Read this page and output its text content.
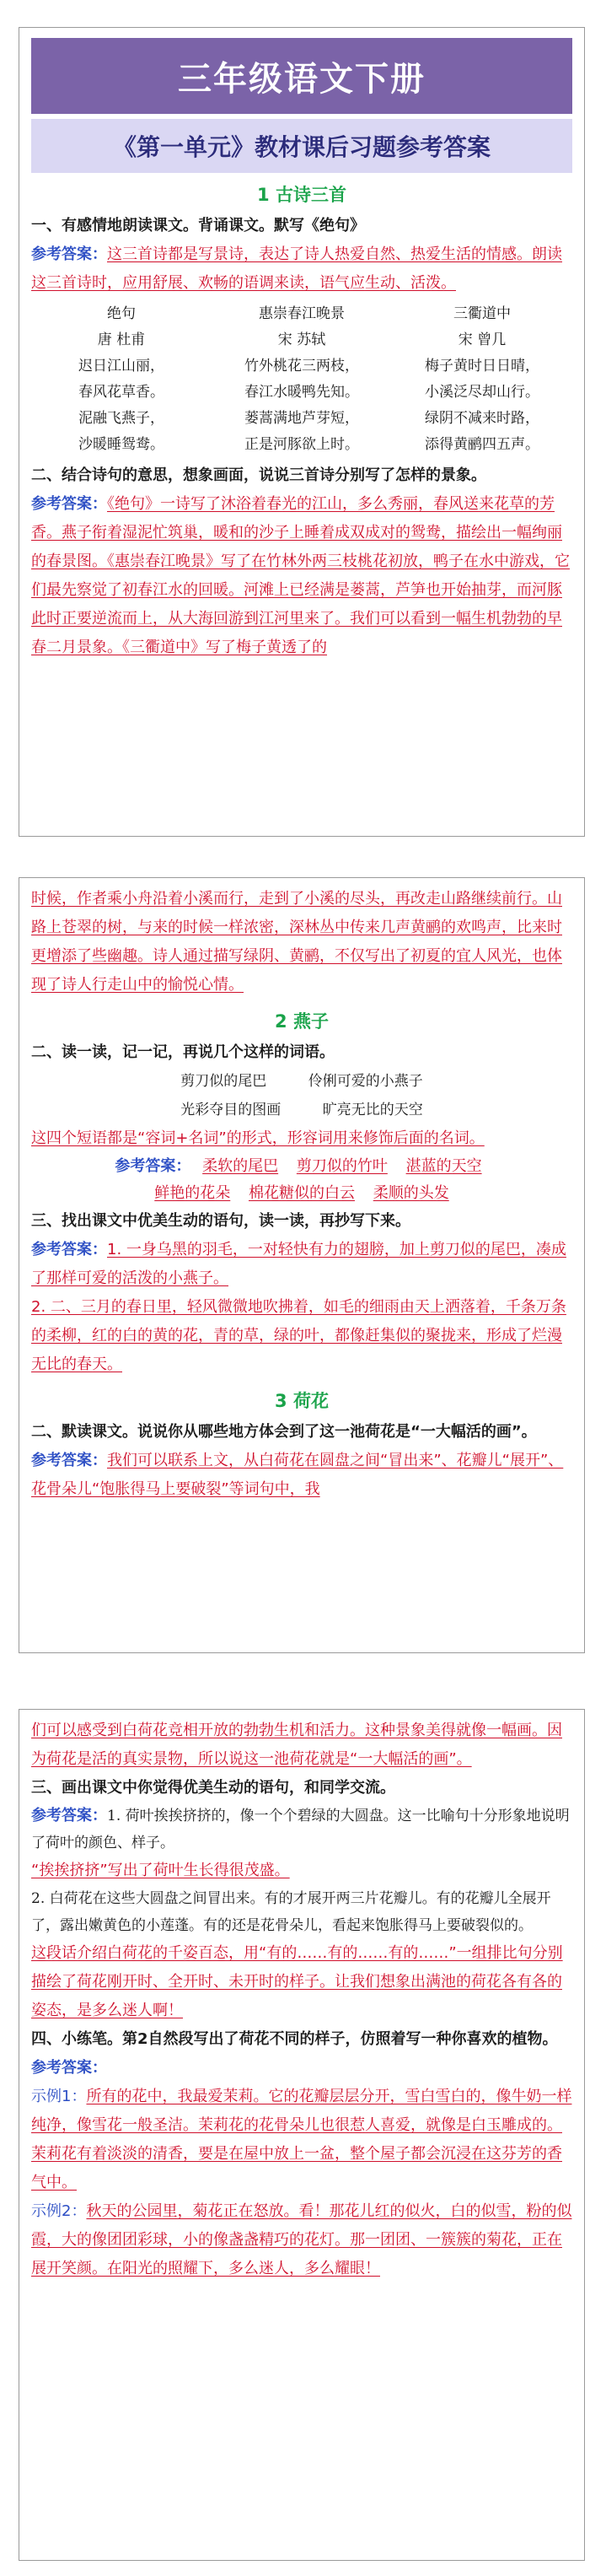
三年级语文下册
《第一单元》教材课后习题参考答案
1 古诗三首
一、有感情地朗读课文。背诵课文。默写《绝句》
参考答案：这三首诗都是写景诗，表达了诗人热爱自然、热爱生活的情感。朗读这三首诗时，应用舒展、欢畅的语调来读，语气应生动、活泼。
绝句	惠崇春江晚景	三衢道中
唐 杜甫	宋 苏轼	宋 曾几
迟日江山丽，	竹外桃花三两枝，	梅子黄时日日晴，
春风花草香。	春江水暖鸭先知。	小溪泛尽却山行。
泥融飞燕子，	蒌蒿满地芦芽短，	绿阴不减来时路，
沙暖睡鸳鸯。	正是河豚欲上时。	添得黄鹂四五声。
二、结合诗句的意思，想象画面，说说三首诗分别写了怎样的景象。
参考答案：《绝句》一诗写了沐浴着春光的江山，多么秀丽，春风送来花草的芳香。燕子衔着湿泥忙筑巢，暖和的沙子上睡着成双成对的鸳鸯，描绘出一幅绚丽的春景图。《惠崇春江晚景》写了在竹林外两三枝桃花初放，鸭子在水中游戏，它们最先察觉了初春江水的回暖。河滩上已经满是蒌蒿，芦笋也开始抽芽，而河豚此时正要逆流而上，从大海回游到江河里来了。我们可以看到一幅生机勃勃的早春二月景象。《三衢道中》写了梅子黄透了的
时候，作者乘小舟沿着小溪而行，走到了小溪的尽头，再改走山路继续前行。山路上苍翠的树，与来的时候一样浓密，深林丛中传来几声黄鹂的欢鸣声，比来时更增添了些幽趣。诗人通过描写绿阴、黄鹂，不仅写出了初夏的宜人风光，也体现了诗人行走山中的愉悦心情。
2 燕子
二、读一读，记一记，再说几个这样的词语。
剪刀似的尾巴	伶俐可爱的小燕子
光彩夺目的图画	旷亮无比的天空
这四个短语都是“容词+名词”的形式，形容词用来修饰后面的名词。
参考答案： 柔软的尾巴 剪刀似的竹叶 湛蓝的天空
鲜艳的花朵 棉花糖似的白云 柔顺的头发
三、找出课文中优美生动的语句，读一读，再抄写下来。
参考答案：1. 一身乌黑的羽毛，一对轻快有力的翅膀，加上剪刀似的尾巴，凑成了那样可爱的活泼的小燕子。
2. 二、三月的春日里，轻风微微地吹拂着，如毛的细雨由天上洒落着，千条万条的柔柳，红的白的黄的花，青的草，绿的叶，都像赶集似的聚拢来，形成了烂漫无比的春天。
3 荷花
二、默读课文。说说你从哪些地方体会到了这一池荷花是“一大幅活的画”。
参考答案：我们可以联系上文，从白荷花在圆盘之间“冒出来”、花瓣儿“展开”、花骨朵儿“饱胀得马上要破裂”等词句中，我
们可以感受到白荷花竞相开放的勃勃生机和活力。这种景象美得就像一幅画。因为荷花是活的真实景物，所以说这一池荷花就是“一大幅活的画”。
三、画出课文中你觉得优美生动的语句，和同学交流。
参考答案：1. 荷叶挨挨挤挤的，像一个个碧绿的大圆盘。这一比喻句十分形象地说明了荷叶的颜色、样子。
“挨挨挤挤”写出了荷叶生长得很茂盛。
2. 白荷花在这些大圆盘之间冒出来。有的才展开两三片花瓣儿。有的花瓣儿全展开了，露出嫩黄色的小莲蓬。有的还是花骨朵儿，看起来饱胀得马上要破裂似的。
这段话介绍白荷花的千姿百态，用“有的……有的……有的……”一组排比句分别描绘了荷花刚开时、全开时、未开时的样子。让我们想象出满池的荷花各有各的姿态，是多么迷人啊！
四、小练笔。第2自然段写出了荷花不同的样子，仿照着写一种你喜欢的植物。
参考答案：
示例1：所有的花中，我最爱茉莉。它的花瓣层层分开，雪白雪白的，像牛奶一样纯净，像雪花一般圣洁。茉莉花的花骨朵儿也很惹人喜爱，就像是白玉雕成的。茉莉花有着淡淡的清香，要是在屋中放上一盆，整个屋子都会沉浸在这芬芳的香气中。
示例2：秋天的公园里，菊花正在怒放。看！那花儿红的似火，白的似雪，粉的似霞，大的像团团彩球，小的像盏盏精巧的花灯。那一团团、一簇簇的菊花，正在展开笑颜。在阳光的照耀下，多么迷人，多么耀眼！
